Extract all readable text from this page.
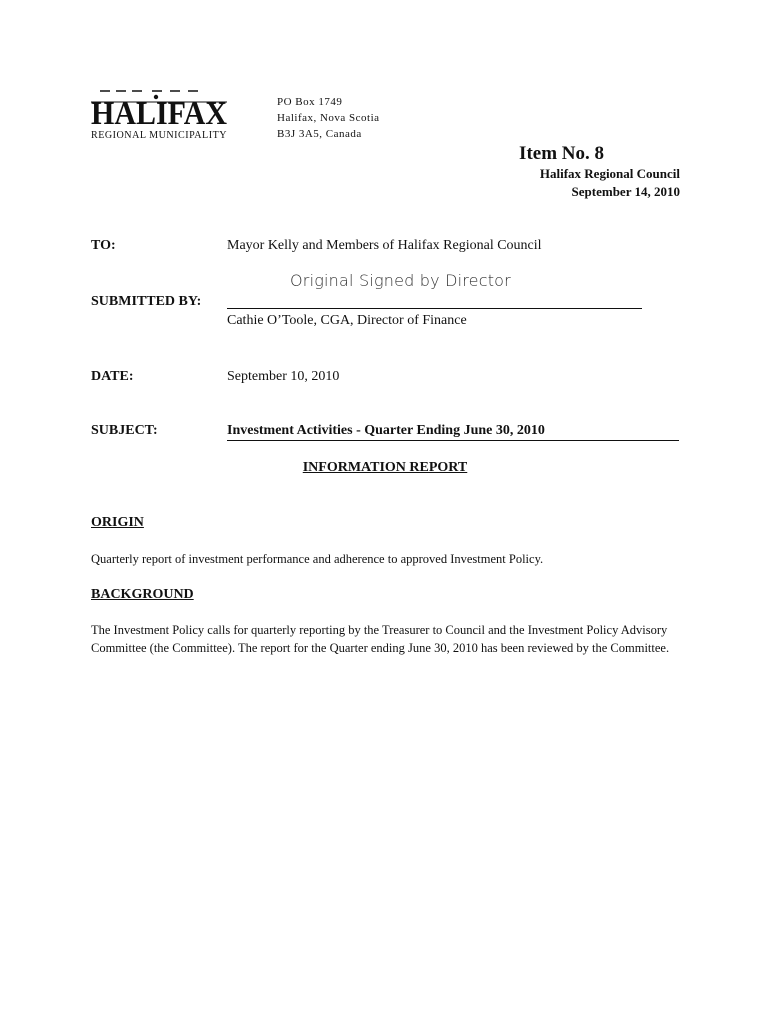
HALIFAX
REGIONAL MUNICIPALITY
PO Box 1749
Halifax, Nova Scotia
B3J 3A5, Canada
Item No. 8
Halifax Regional Council
September 14, 2010
TO:	Mayor Kelly and Members of Halifax Regional Council
Original Signed by Director
SUBMITTED BY:
Cathie O’Toole, CGA, Director of Finance
DATE:	September 10, 2010
SUBJECT:	Investment Activities - Quarter Ending June 30, 2010
INFORMATION REPORT
ORIGIN
Quarterly report of investment performance and adherence to approved Investment Policy.
BACKGROUND
The Investment Policy calls for quarterly reporting by the Treasurer to Council and the Investment Policy Advisory Committee (the Committee). The report for the Quarter ending June 30, 2010 has been reviewed by the Committee.
